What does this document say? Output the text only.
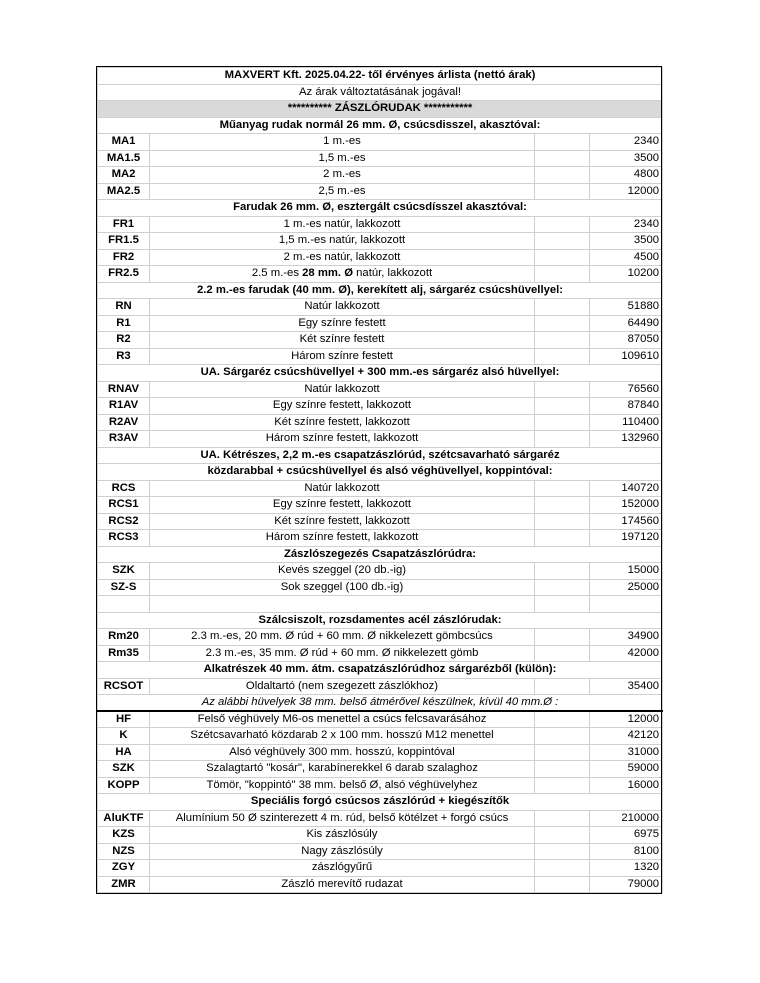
MAXVERT Kft. 2025.04.22- től érvényes árlista (nettó árak)			
Az árak változtatásának jogával!			
********** ZÁSZLÓRUDAK ***********			
Műanyag rudak normál 26 mm. Ø, csúcsdisszel, akasztóval:			
MA1	1 m.-es		2340
MA1.5	1,5 m.-es		3500
MA2	2 m.-es		4800
MA2.5	2,5 m.-es		12000
Farudak 26 mm. Ø, esztergált csúcsdísszel akasztóval:			
FR1	1 m.-es natúr, lakkozott		2340
FR1.5	1,5 m.-es natúr, lakkozott		3500
FR2	2 m.-es natúr, lakkozott		4500
FR2.5	2.5 m.-es 28 mm. Ø natúr, lakkozott		10200
2.2 m.-es farudak (40 mm. Ø), kerekített alj, sárgaréz csúcshüvellyel:			
RN	Natúr lakkozott		51880
R1	Egy színre festett		64490
R2	Két színre festett		87050
R3	Három színre festett		109610
UA. Sárgaréz csúcshüvellyel + 300 mm.-es sárgaréz alsó hüvellyel:			
RNAV	Natúr lakkozott		76560
R1AV	Egy színre festett, lakkozott		87840
R2AV	Két színre festett, lakkozott		110400
R3AV	Három színre festett, lakkozott		132960
UA. Kétrészes, 2,2 m.-es csapatzászlórúd, szétcsavarható sárgaréz			
közdarabbal + csúcshüvellyel és alsó véghüvellyel, koppintóval:			
RCS	Natúr lakkozott		140720
RCS1	Egy színre festett, lakkozott		152000
RCS2	Két színre festett, lakkozott		174560
RCS3	Három színre festett, lakkozott		197120
Zászlószegezés Csapatzászlórúdra:			
SZK	Kevés szeggel (20 db.-ig)		15000
SZ-S	Sok szeggel (100 db.-ig)		25000

Szálcsiszolt, rozsdamentes acél zászlórudak:			
Rm20	2.3 m.-es, 20 mm. Ø rúd + 60 mm. Ø nikkelezett gömbcsúcs		34900
Rm35	2.3 m.-es, 35 mm. Ø rúd + 60 mm. Ø nikkelezett gömb		42000
Alkatrészek 40 mm. átm. csapatzászlórúdhoz sárgarézből (külön):			
RCSOT	Oldaltartó (nem szegezett zászlókhoz)		35400
Az alábbi hüvelyek 38 mm. belső átmérővel készülnek, kívül 40 mm.Ø :			
HF	Felső véghüvely M6-os menettel a csúcs felcsavarásához		12000
K	Szétcsavarható közdarab 2 x 100 mm. hosszú M12 menettel		42120
HA	Alsó véghüvely 300 mm. hosszú, koppintóval		31000
SZK	Szalagtartó "kosár", karabínerekkel 6 darab szalaghoz		59000
KOPP	Tömör, "koppintó" 38 mm. belső Ø, alsó véghüvelyhez		16000
Speciális forgó csúcsos zászlórúd + kiegészítők			
AluKTF	Alumínium 50 Ø szinterezett 4 m. rúd, belső kötélzet + forgó csúcs		210000
KZS	Kis zászlósúly		6975
NZS	Nagy zászlósúly		8100
ZGY	zászlógyűrű		1320
ZMR	Zászló merevítő rudazat		79000
